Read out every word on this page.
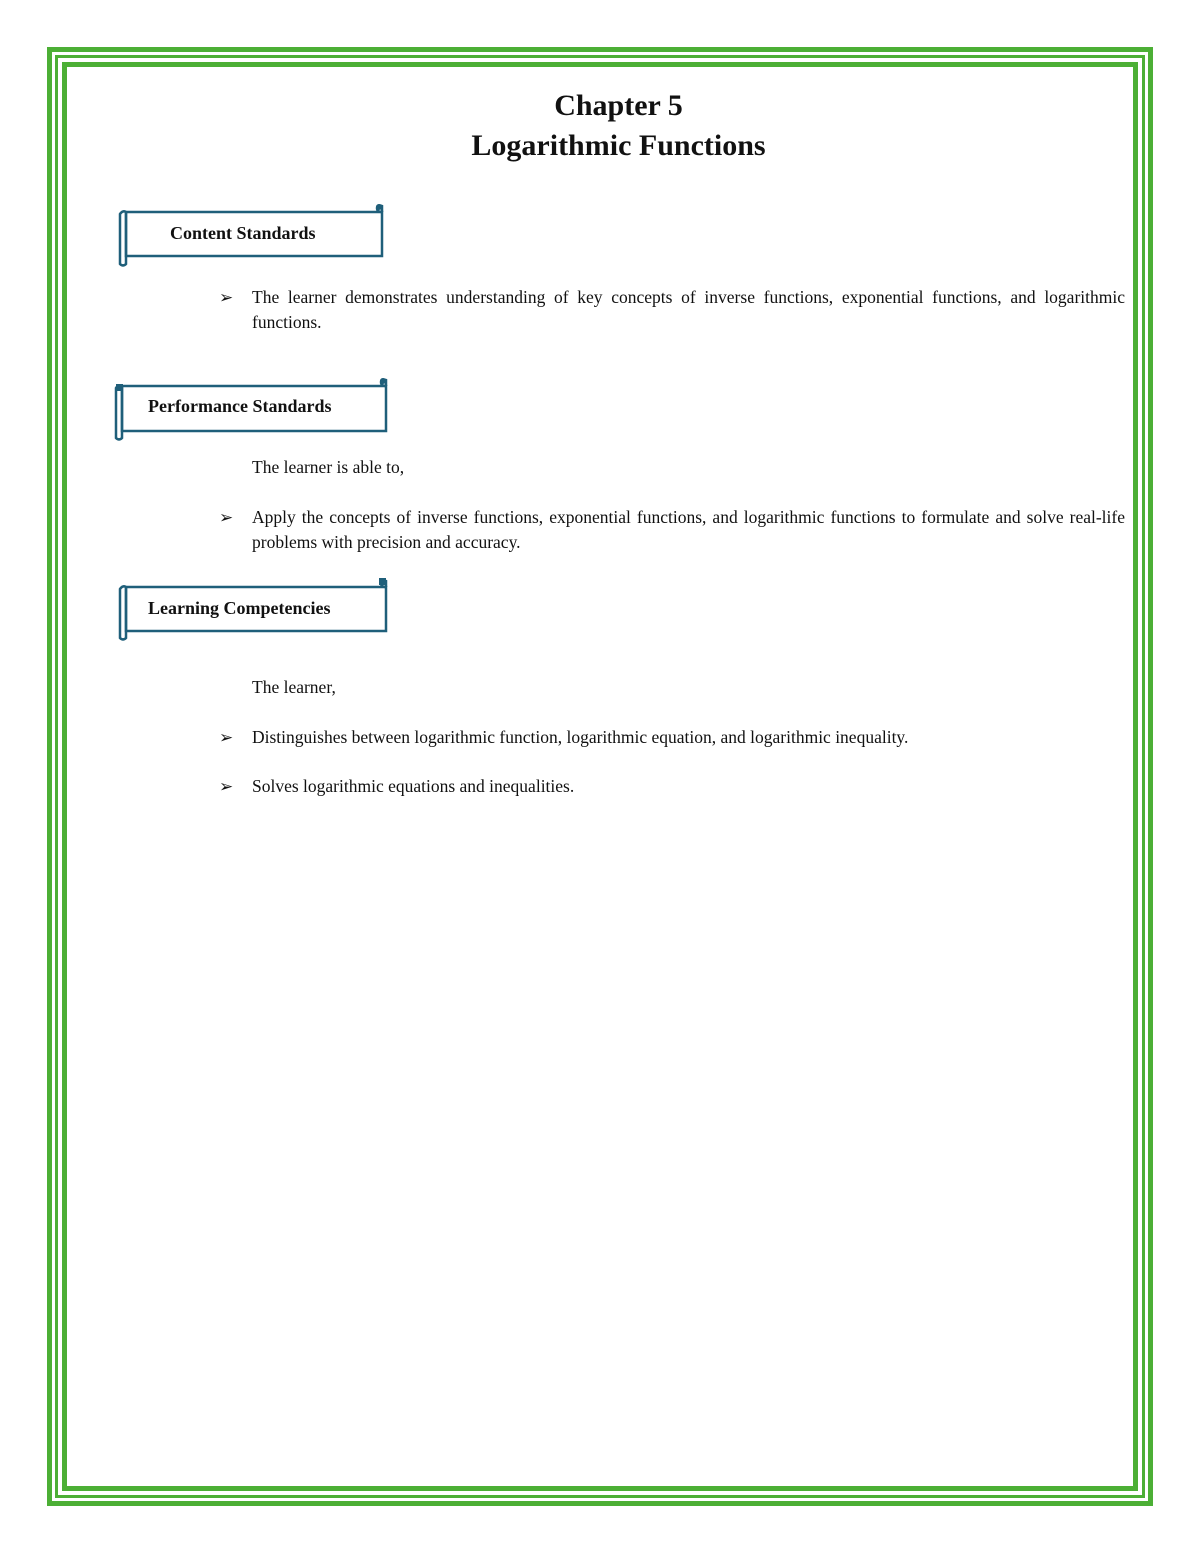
Chapter 5
Logarithmic Functions
Content Standards
➢ The learner demonstrates understanding of key concepts of inverse functions, exponential functions, and logarithmic functions.
Performance Standards
The learner is able to,
➢ Apply the concepts of inverse functions, exponential functions, and logarithmic functions to formulate and solve real-life problems with precision and accuracy.
Learning Competencies
The learner,
➢ Distinguishes between logarithmic function, logarithmic equation, and logarithmic inequality.
➢ Solves logarithmic equations and inequalities.
